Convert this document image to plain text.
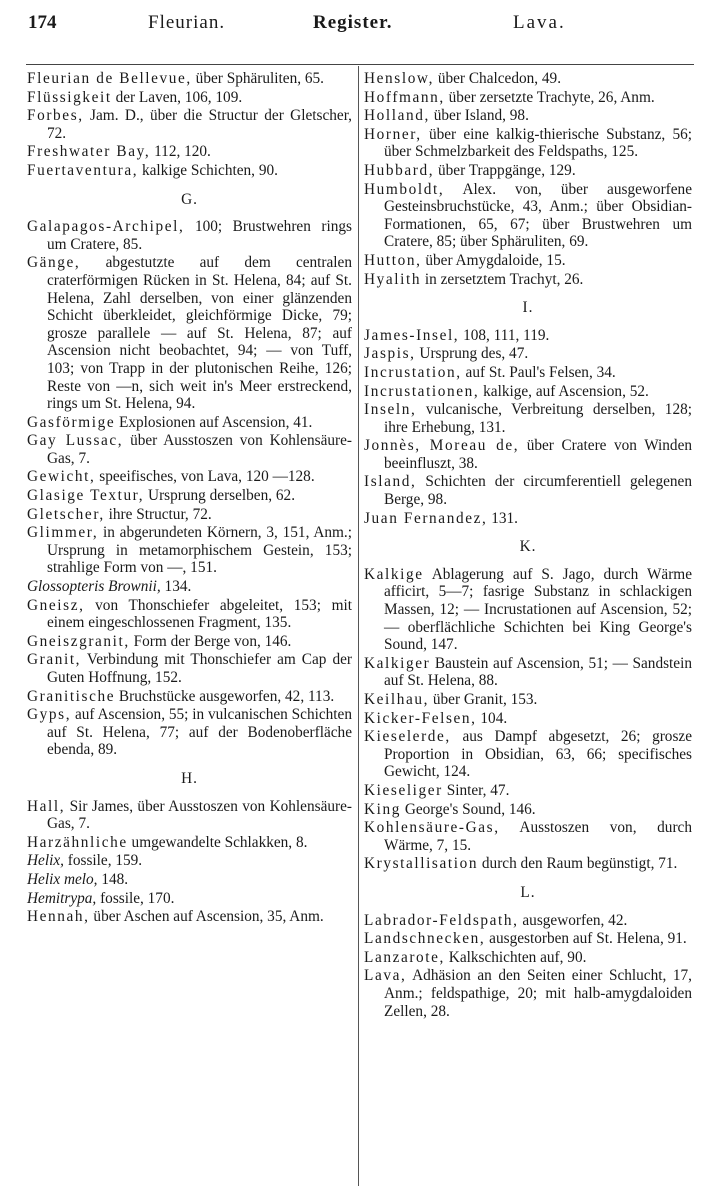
174	Fleurian.	Register.	Lava.
Fleurian de Bellevue, über Sphäruliten, 65.
Flüssigkeit der Laven, 106, 109.
Forbes, Jam. D., über die Structur der Gletscher, 72.
Freshwater Bay, 112, 120.
Fuertaventura, kalkige Schichten, 90.
G.
Galapagos-Archipel, 100; Brustwehren rings um Cratere, 85.
Gänge, abgestutzte auf dem centralen craterförmigen Rücken in St. Helena, 84; auf St. Helena, Zahl derselben, von einer glänzenden Schicht überkleidet, gleichförmige Dicke, 79; grosze parallele — auf St. Helena, 87; auf Ascension nicht beobachtet, 94; — von Tuff, 103; von Trapp in der plutonischen Reihe, 126; Reste von —n, sich weit in's Meer erstreckend, rings um St. Helena, 94.
Gasförmige Explosionen auf Ascension, 41.
Gay Lussac, über Ausstoszen von Kohlensäure-Gas, 7.
Gewicht, speeifisches, von Lava, 120 —128.
Glasige Textur, Ursprung derselben, 62.
Gletscher, ihre Structur, 72.
Glimmer, in abgerundeten Körnern, 3, 151, Anm.; Ursprung in metamorphischem Gestein, 153; strahlige Form von —, 151.
Glossopteris Brownii, 134.
Gneisz, von Thonschiefer abgeleitet, 153; mit einem eingeschlossenen Fragment, 135.
Gneiszgranit, Form der Berge von, 146.
Granit, Verbindung mit Thonschiefer am Cap der Guten Hoffnung, 152.
Granitische Bruchstücke ausgeworfen, 42, 113.
Gyps, auf Ascension, 55; in vulcanischen Schichten auf St. Helena, 77; auf der Bodenoberfläche ebenda, 89.
H.
Hall, Sir James, über Ausstoszen von Kohlensäure-Gas, 7.
Harzähnliche umgewandelte Schlakken, 8.
Helix, fossile, 159.
Helix melo, 148.
Hemitrypa, fossile, 170.
Hennah, über Aschen auf Ascension, 35, Anm.
Henslow, über Chalcedon, 49.
Hoffmann, über zersetzte Trachyte, 26, Anm.
Holland, über Island, 98.
Horner, über eine kalkig-thierische Substanz, 56; über Schmelzbarkeit des Feldspaths, 125.
Hubbard, über Trappgänge, 129.
Humboldt, Alex. von, über ausgeworfene Gesteinsbruchstücke, 43, Anm.; über Obsidian-Formationen, 65, 67; über Brustwehren um Cratere, 85; über Sphäruliten, 69.
Hutton, über Amygdaloide, 15.
Hyalith in zersetztem Trachyt, 26.
I.
James-Insel, 108, 111, 119.
Jaspis, Ursprung des, 47.
Incrustation, auf St. Paul's Felsen, 34.
Incrustationen, kalkige, auf Ascension, 52.
Inseln, vulcanische, Verbreitung derselben, 128; ihre Erhebung, 131.
Jonnès, Moreau de, über Cratere von Winden beeinfluszt, 38.
Island, Schichten der circumferentiell gelegenen Berge, 98.
Juan Fernandez, 131.
K.
Kalkige Ablagerung auf S. Jago, durch Wärme afficirt, 5—7; fasrige Substanz in schlackigen Massen, 12; — Incrustationen auf Ascension, 52; — oberflächliche Schichten bei King George's Sound, 147.
Kalkiger Baustein auf Ascension, 51; — Sandstein auf St. Helena, 88.
Keilhau, über Granit, 153.
Kicker-Felsen, 104.
Kieselerde, aus Dampf abgesetzt, 26; grosze Proportion in Obsidian, 63, 66; specifisches Gewicht, 124.
Kieseliger Sinter, 47.
King George's Sound, 146.
Kohlensäure-Gas, Ausstoszen von, durch Wärme, 7, 15.
Krystallisation durch den Raum begünstigt, 71.
L.
Labrador-Feldspath, ausgeworfen, 42.
Landschnecken, ausgestorben auf St. Helena, 91.
Lanzarote, Kalkschichten auf, 90.
Lava, Adhäsion an den Seiten einer Schlucht, 17, Anm.; feldspathige, 20; mit halb-amygdaloiden Zellen, 28.
